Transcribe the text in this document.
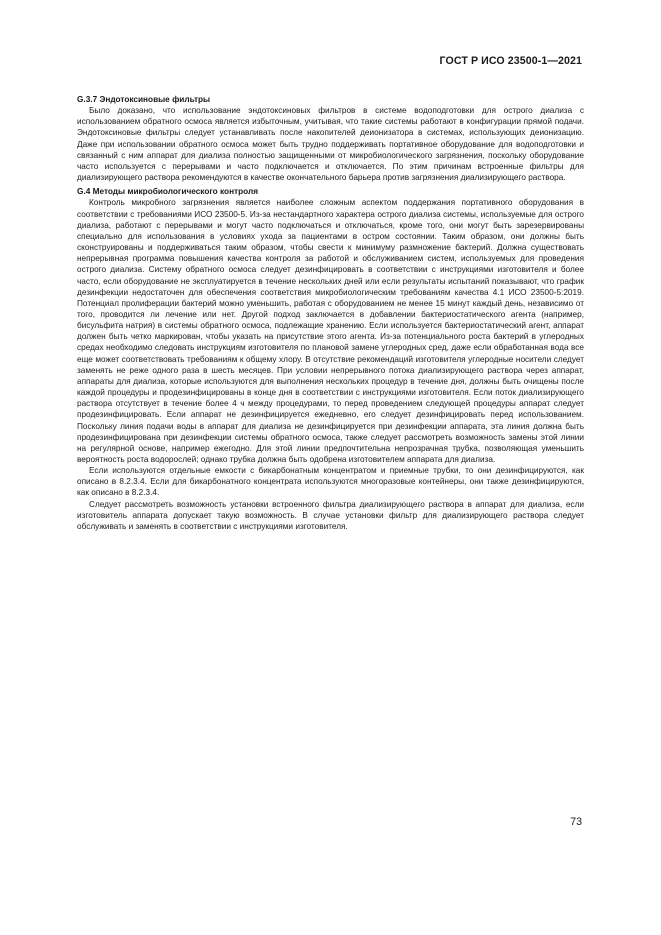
ГОСТ Р ИСО 23500-1—2021

G.3.7 Эндотоксиновые фильтры

Было доказано, что использование эндотоксиновых фильтров в системе водоподготовки для острого диализа с использованием обратного осмоса является избыточным, учитывая, что такие системы работают в конфигурации прямой подачи. Эндотоксиновые фильтры следует устанавливать после накопителей деионизатора в системах, использующих деионизацию. Даже при использовании обратного осмоса может быть трудно поддерживать портативное оборудование для водоподготовки и связанный с ним аппарат для диализа полностью защищенными от микробиологического загрязнения, поскольку оборудование часто используется с перерывами и часто подключается и отключается. По этим причинам встроенные фильтры для диализирующего раствора рекомендуются в качестве окончательного барьера против загрязнения диализирующего раствора.

G.4 Методы микробиологического контроля

Контроль микробного загрязнения является наиболее сложным аспектом поддержания портативного оборудования в соответствии с требованиями ИСО 23500-5. Из-за нестандартного характера острого диализа системы, используемые для острого диализа, работают с перерывами и могут часто подключаться и отключаться, кроме того, они могут быть зарезервированы специально для использования в условиях ухода за пациентами в остром состоянии. Таким образом, они должны быть сконструированы и поддерживаться таким образом, чтобы свести к минимуму размножение бактерий. Должна существовать непрерывная программа повышения качества контроля за работой и обслуживанием систем, используемых для проведения острого диализа. Систему обратного осмоса следует дезинфицировать в соответствии с инструкциями изготовителя и более часто, если оборудование не эксплуатируется в течение нескольких дней или если результаты испытаний показывают, что график дезинфекции недостаточен для обеспечения соответствия микробиологическим требованиям качества 4.1 ИСО 23500-5:2019. Потенциал пролиферации бактерий можно уменьшить, работая с оборудованием не менее 15 минут каждый день, независимо от того, проводится ли лечение или нет. Другой подход заключается в добавлении бактериостатического агента (например, бисульфита натрия) в системы обратного осмоса, подлежащие хранению. Если используется бактериостатический агент, аппарат должен быть четко маркирован, чтобы указать на присутствие этого агента. Из-за потенциального роста бактерий в углеродных средах необходимо следовать инструкциям изготовителя по плановой замене углеродных сред, даже если обработанная вода все еще может соответствовать требованиям к общему хлору. В отсутствие рекомендаций изготовителя углеродные носители следует заменять не реже одного раза в шесть месяцев. При условии непрерывного потока диализирующего раствора через аппарат, аппараты для диализа, которые используются для выполнения нескольких процедур в течение дня, должны быть очищены после каждой процедуры и продезинфицированы в конце дня в соответствии с инструкциями изготовителя. Если поток диализирующего раствора отсутствует в течение более 4 ч между процедурами, то перед проведением следующей процедуры аппарат следует продезинфицировать. Если аппарат не дезинфицируется ежедневно, его следует дезинфицировать перед использованием. Поскольку линия подачи воды в аппарат для диализа не дезинфицируется при дезинфекции аппарата, эта линия должна быть продезинфицирована при дезинфекции системы обратного осмоса, также следует рассмотреть возможность замены этой линии на регулярной основе, например ежегодно. Для этой линии предпочтительна непрозрачная трубка, позволяющая уменьшить вероятность роста водорослей; однако трубка должна быть одобрена изготовителем аппарата для диализа.

Если используются отдельные емкости с бикарбонатным концентратом и приемные трубки, то они дезинфицируются, как описано в 8.2.3.4. Если для бикарбонатного концентрата используются многоразовые контейнеры, они также дезинфицируются, как описано в 8.2.3.4.

Следует рассмотреть возможность установки встроенного фильтра диализирующего раствора в аппарат для диализа, если изготовитель аппарата допускает такую возможность. В случае установки фильтр для диализирующего раствора следует обслуживать и заменять в соответствии с инструкциями изготовителя.

73
